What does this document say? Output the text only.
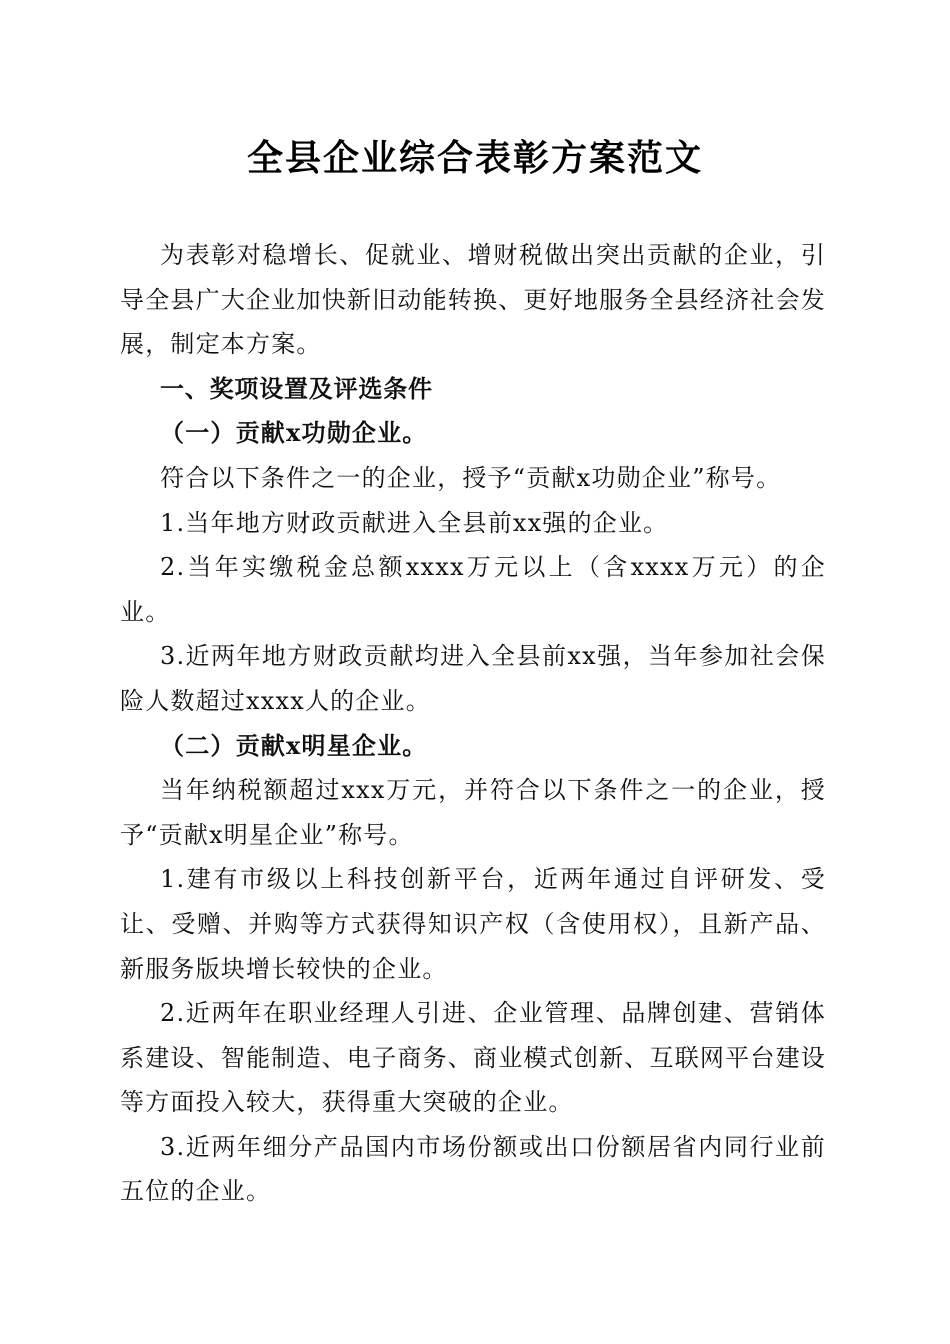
全县企业综合表彰方案范文

为表彰对稳增长、促就业、增财税做出突出贡献的企业，引导全县广大企业加快新旧动能转换、更好地服务全县经济社会发展，制定本方案。

一、奖项设置及评选条件

（一）贡献x功勋企业。

符合以下条件之一的企业，授予“贡献x功勋企业”称号。

1.当年地方财政贡献进入全县前xx强的企业。

2.当年实缴税金总额xxxx万元以上（含xxxx万元）的企业。

3.近两年地方财政贡献均进入全县前xx强，当年参加社会保险人数超过xxxx人的企业。

（二）贡献x明星企业。

当年纳税额超过xxx万元，并符合以下条件之一的企业，授予“贡献x明星企业”称号。

1.建有市级以上科技创新平台，近两年通过自评研发、受让、受赠、并购等方式获得知识产权（含使用权），且新产品、新服务版块增长较快的企业。

2.近两年在职业经理人引进、企业管理、品牌创建、营销体系建设、智能制造、电子商务、商业模式创新、互联网平台建设等方面投入较大，获得重大突破的企业。

3.近两年细分产品国内市场份额或出口份额居省内同行业前五位的企业。
